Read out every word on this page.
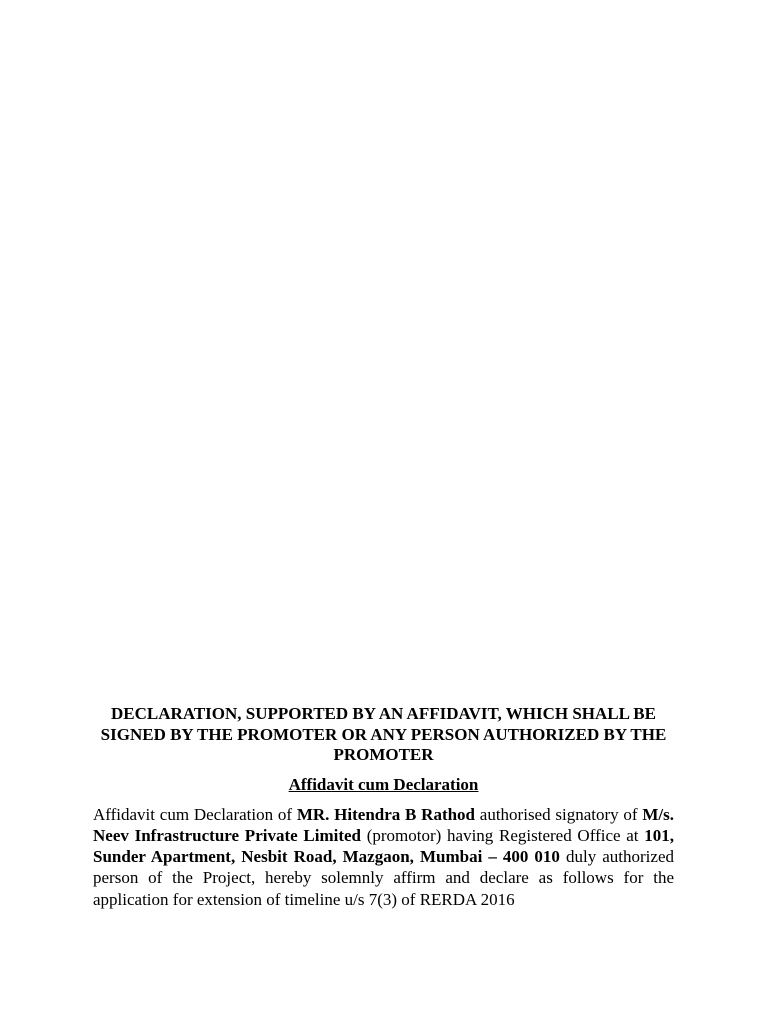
DECLARATION, SUPPORTED BY AN AFFIDAVIT, WHICH SHALL BE SIGNED BY THE PROMOTER OR ANY PERSON AUTHORIZED BY THE PROMOTER

Affidavit cum Declaration

Affidavit cum Declaration of MR. Hitendra B Rathod authorised signatory of M/s. Neev Infrastructure Private Limited (promotor) having Registered Office at 101, Sunder Apartment, Nesbit Road, Mazgaon, Mumbai – 400 010 duly authorized person of the Project, hereby solemnly affirm and declare as follows for the application for extension of timeline u/s 7(3) of RERDA 2016
